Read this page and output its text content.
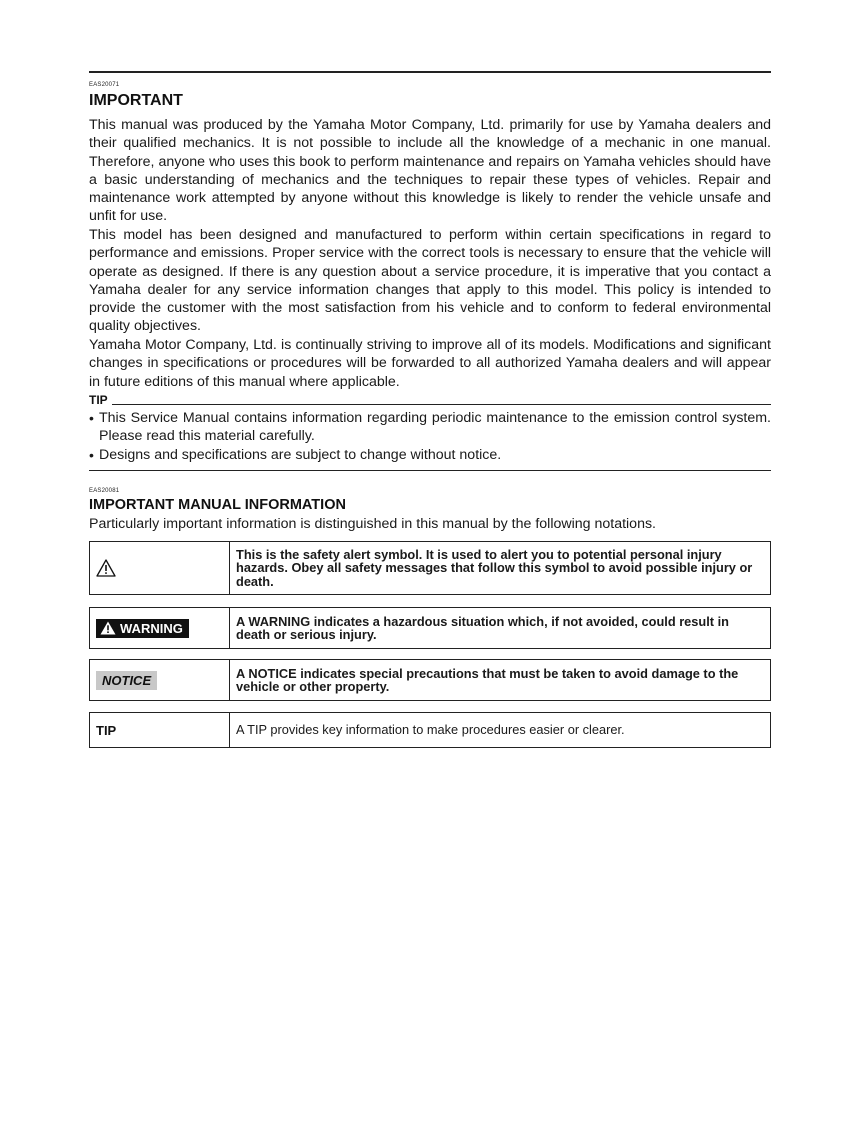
EAS20071
IMPORTANT
This manual was produced by the Yamaha Motor Company, Ltd. primarily for use by Yamaha dealers and their qualified mechanics. It is not possible to include all the knowledge of a mechanic in one manual. Therefore, anyone who uses this book to perform maintenance and repairs on Yamaha vehicles should have a basic understanding of mechanics and the techniques to repair these types of vehicles. Repair and maintenance work attempted by anyone without this knowledge is likely to render the vehicle unsafe and unfit for use.
This model has been designed and manufactured to perform within certain specifications in regard to performance and emissions. Proper service with the correct tools is necessary to ensure that the vehicle will operate as designed. If there is any question about a service procedure, it is imperative that you contact a Yamaha dealer for any service information changes that apply to this model. This policy is intended to provide the customer with the most satisfaction from his vehicle and to conform to federal environmental quality objectives.
Yamaha Motor Company, Ltd. is continually striving to improve all of its models. Modifications and significant changes in specifications or procedures will be forwarded to all authorized Yamaha dealers and will appear in future editions of this manual where applicable.
TIP
• This Service Manual contains information regarding periodic maintenance to the emission control system. Please read this material carefully.
• Designs and specifications are subject to change without notice.
EAS20081
IMPORTANT MANUAL INFORMATION
Particularly important information is distinguished in this manual by the following notations.
This is the safety alert symbol. It is used to alert you to potential personal injury hazards. Obey all safety messages that follow this symbol to avoid possible injury or death.
WARNING	A WARNING indicates a hazardous situation which, if not avoided, could result in death or serious injury.
NOTICE	A NOTICE indicates special precautions that must be taken to avoid damage to the vehicle or other property.
TIP	A TIP provides key information to make procedures easier or clearer.
